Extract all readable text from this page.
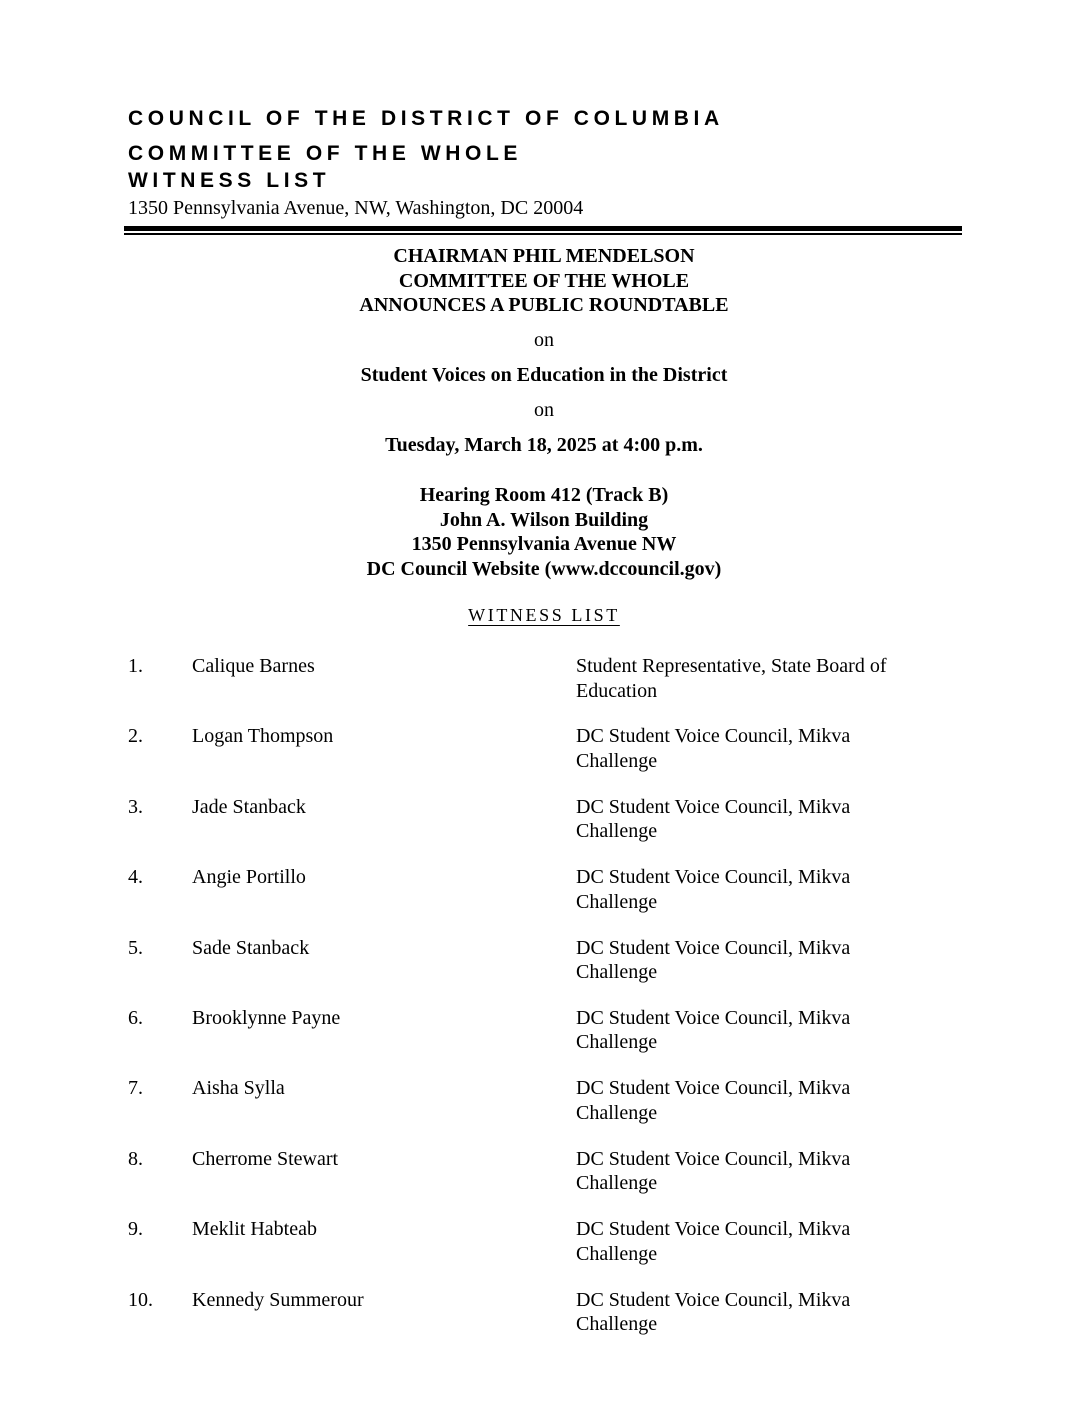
COUNCIL OF THE DISTRICT OF COLUMBIA
COMMITTEE OF THE WHOLE
WITNESS LIST
1350 Pennsylvania Avenue, NW, Washington, DC 20004
CHAIRMAN PHIL MENDELSON
COMMITTEE OF THE WHOLE
ANNOUNCES A PUBLIC ROUNDTABLE
on
Student Voices on Education in the District
on
Tuesday, March 18, 2025 at 4:00 p.m.
Hearing Room 412 (Track B)
John A. Wilson Building
1350 Pennsylvania Avenue NW
DC Council Website (www.dccouncil.gov)
WITNESS LIST
1. Calique Barnes	Student Representative, State Board of Education
2. Logan Thompson	DC Student Voice Council, Mikva Challenge
3. Jade Stanback	DC Student Voice Council, Mikva Challenge
4. Angie Portillo	DC Student Voice Council, Mikva Challenge
5. Sade Stanback	DC Student Voice Council, Mikva Challenge
6. Brooklynne Payne	DC Student Voice Council, Mikva Challenge
7. Aisha Sylla	DC Student Voice Council, Mikva Challenge
8. Cherrome Stewart	DC Student Voice Council, Mikva Challenge
9. Meklit Habteab	DC Student Voice Council, Mikva Challenge
10. Kennedy Summerour	DC Student Voice Council, Mikva Challenge
